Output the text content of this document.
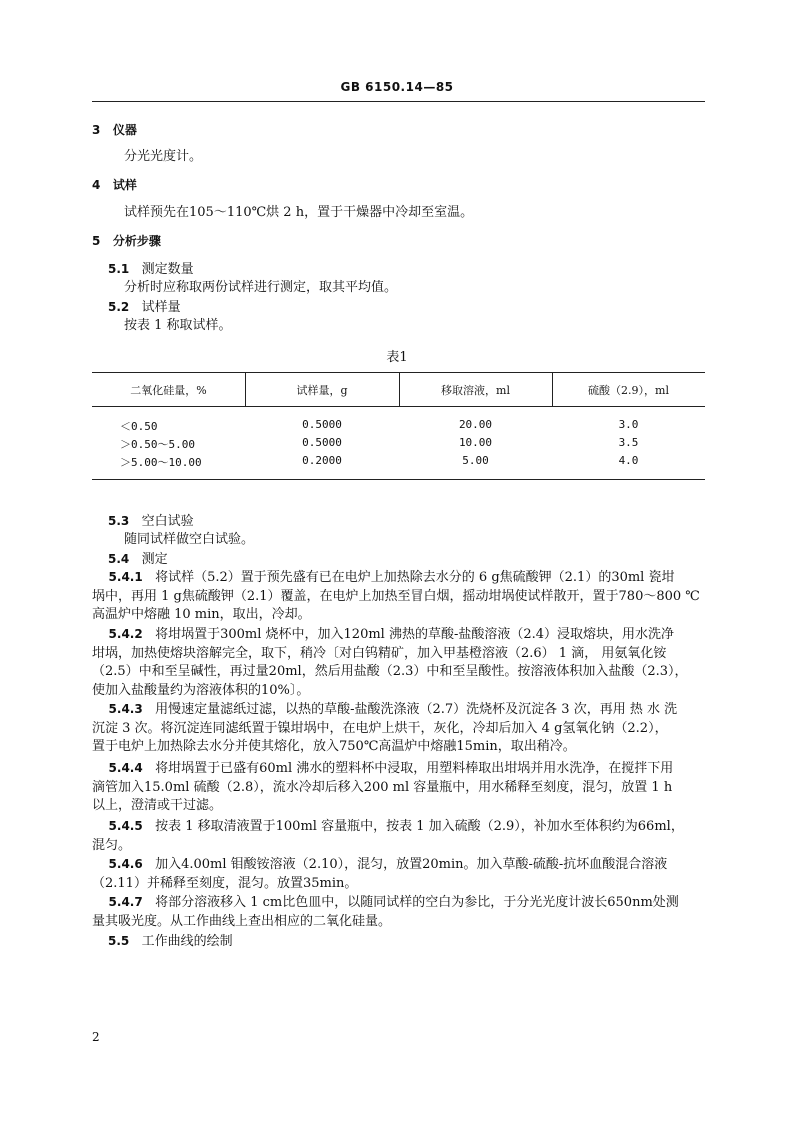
GB 6150.14—85
3 仪器
分光光度计。
4 试样
试样预先在105～110℃烘 2 h，置于干燥器中冷却至室温。
5 分析步骤
5.1 测定数量
分析时应称取两份试样进行测定，取其平均值。
5.2 试样量
按表 1 称取试样。
表1
二氧化硅量，%	试样量，g	移取溶液，ml	硫酸（2.9），ml
＜0.50	0.5000	20.00	3.0
＞0.50～5.00	0.5000	10.00	3.5
＞5.00～10.00	0.2000	5.00	4.0
5.3 空白试验
随同试样做空白试验。
5.4 测定
5.4.1 将试样（5.2）置于预先盛有已在电炉上加热除去水分的 6 g焦硫酸钾（2.1）的30ml 瓷坩
埚中，再用 1 g焦硫酸钾（2.1）覆盖，在电炉上加热至冒白烟，摇动坩埚使试样散开，置于780～800 ℃
高温炉中熔融 10 min，取出，冷却。
5.4.2 将坩埚置于300ml 烧杯中，加入120ml 沸热的草酸-盐酸溶液（2.4）浸取熔块，用水洗净
坩埚，加热使熔块溶解完全，取下，稍冷〔对白钨精矿，加入甲基橙溶液（2.6） 1 滴， 用氨氧化铵
（2.5）中和至呈碱性，再过量20ml，然后用盐酸（2.3）中和至呈酸性。按溶液体积加入盐酸（2.3），
使加入盐酸量约为溶液体积的10%〕。
5.4.3 用慢速定量滤纸过滤，以热的草酸-盐酸洗涤液（2.7）洗烧杯及沉淀各 3 次，再用 热 水 洗
沉淀 3 次。将沉淀连同滤纸置于镍坩埚中，在电炉上烘干，灰化，冷却后加入 4 g氢氧化钠（2.2），
置于电炉上加热除去水分并使其熔化，放入750℃高温炉中熔融15min，取出稍冷。
5.4.4 将坩埚置于已盛有60ml 沸水的塑料杯中浸取，用塑料棒取出坩埚并用水洗净，在搅拌下用
滴管加入15.0ml 硫酸（2.8），流水冷却后移入200 ml 容量瓶中，用水稀释至刻度，混匀，放置 1 h
以上，澄清或干过滤。
5.4.5 按表 1 移取清液置于100ml 容量瓶中，按表 1 加入硫酸（2.9），补加水至体积约为66ml，
混匀。
5.4.6 加入4.00ml 钼酸铵溶液（2.10），混匀，放置20min。加入草酸-硫酸-抗坏血酸混合溶液
（2.11）并稀释至刻度，混匀。放置35min。
5.4.7 将部分溶液移入 1 cm比色皿中，以随同试样的空白为参比，于分光光度计波长650nm处测
量其吸光度。从工作曲线上查出相应的二氧化硅量。
5.5 工作曲线的绘制
2
